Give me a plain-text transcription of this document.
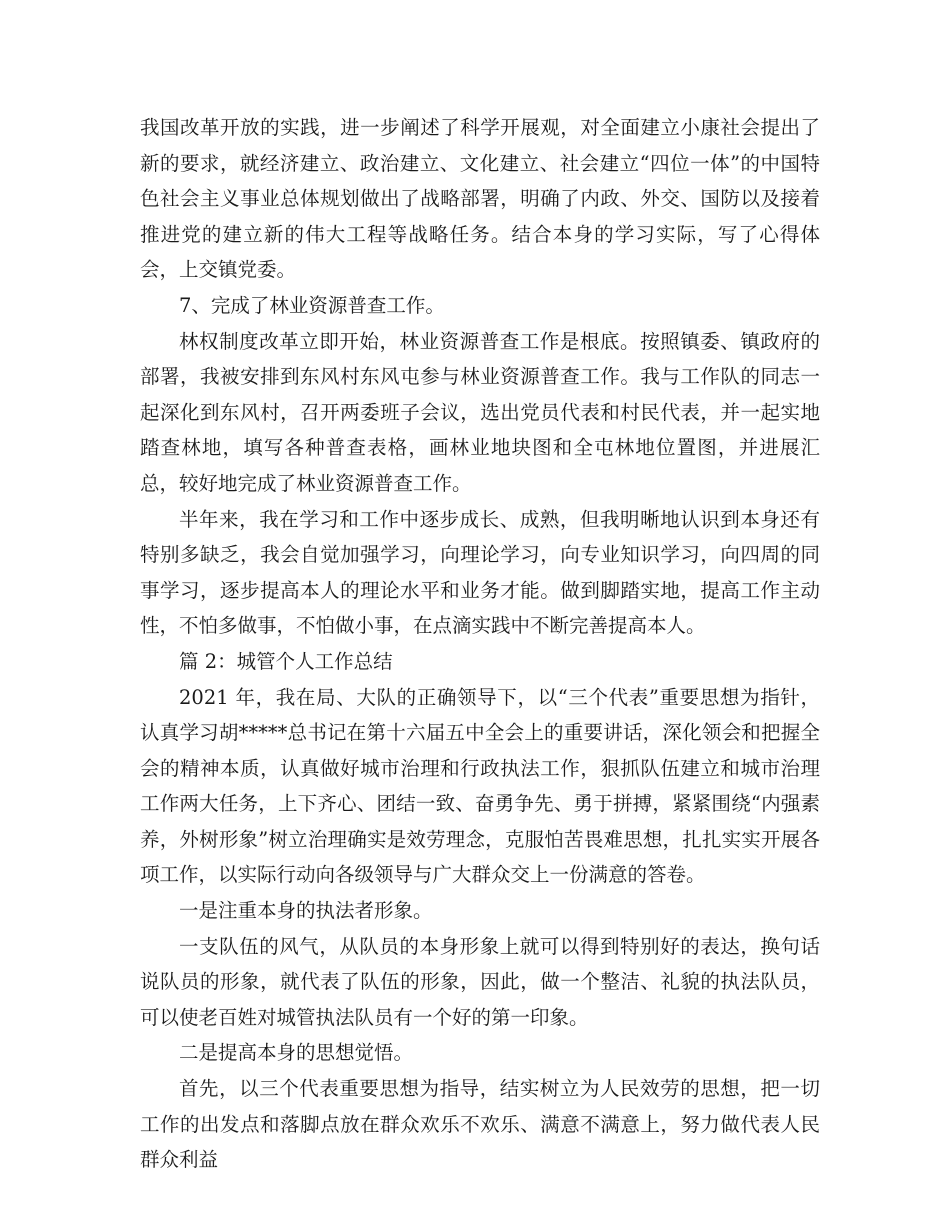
我国改革开放的实践，进一步阐述了科学开展观，对全面建立小康社会提出了新的要求，就经济建立、政治建立、文化建立、社会建立“四位一体”的中国特色社会主义事业总体规划做出了战略部署，明确了内政、外交、国防以及接着推进党的建立新的伟大工程等战略任务。结合本身的学习实际，写了心得体会，上交镇党委。

7、完成了林业资源普查工作。

林权制度改革立即开始，林业资源普查工作是根底。按照镇委、镇政府的部署，我被安排到东风村东风屯参与林业资源普查工作。我与工作队的同志一起深化到东风村，召开两委班子会议，选出党员代表和村民代表，并一起实地踏查林地，填写各种普查表格，画林业地块图和全屯林地位置图，并进展汇总，较好地完成了林业资源普查工作。

半年来，我在学习和工作中逐步成长、成熟，但我明晰地认识到本身还有特别多缺乏，我会自觉加强学习，向理论学习，向专业知识学习，向四周的同事学习，逐步提高本人的理论水平和业务才能。做到脚踏实地，提高工作主动性，不怕多做事，不怕做小事，在点滴实践中不断完善提高本人。

篇 2：城管个人工作总结

2021 年，我在局、大队的正确领导下，以“三个代表”重要思想为指针，认真学习胡*****总书记在第十六届五中全会上的重要讲话，深化领会和把握全会的精神本质，认真做好城市治理和行政执法工作，狠抓队伍建立和城市治理工作两大任务，上下齐心、团结一致、奋勇争先、勇于拼搏，紧紧围绕“内强素养，外树形象”树立治理确实是效劳理念，克服怕苦畏难思想，扎扎实实开展各项工作，以实际行动向各级领导与广大群众交上一份满意的答卷。

一是注重本身的执法者形象。

一支队伍的风气，从队员的本身形象上就可以得到特别好的表达，换句话说队员的形象，就代表了队伍的形象，因此，做一个整洁、礼貌的执法队员，可以使老百姓对城管执法队员有一个好的第一印象。

二是提高本身的思想觉悟。

首先，以三个代表重要思想为指导，结实树立为人民效劳的思想，把一切工作的出发点和落脚点放在群众欢乐不欢乐、满意不满意上，努力做代表人民群众利益
